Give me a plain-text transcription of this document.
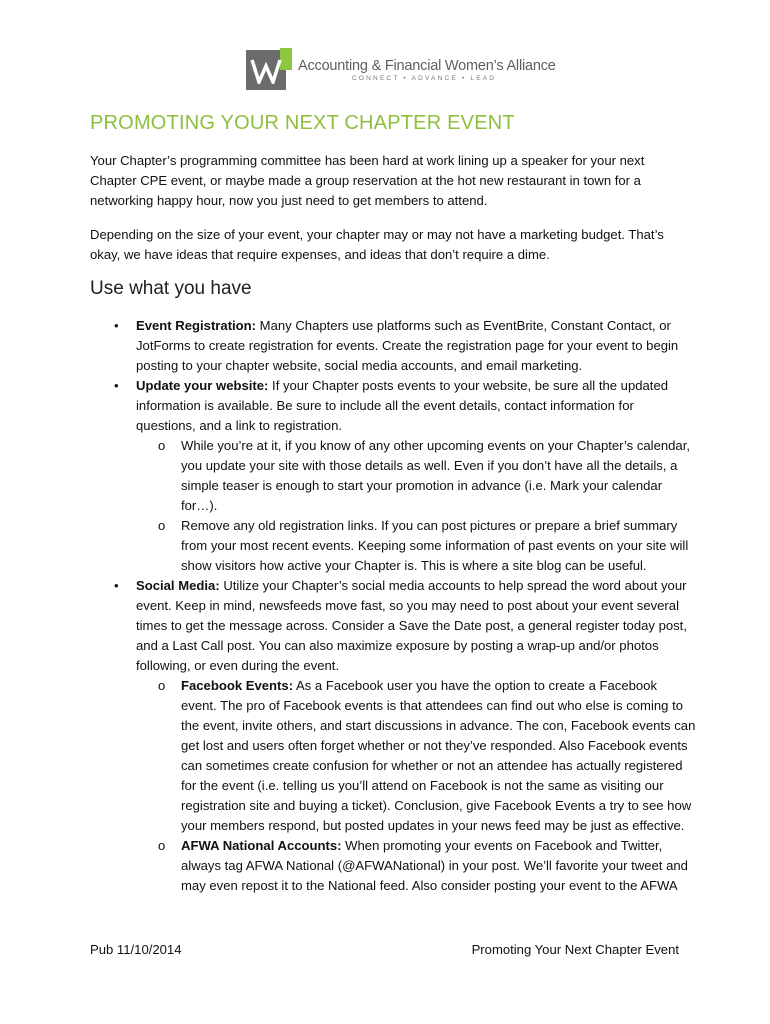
Accounting & Financial Women’s Alliance
CONNECT • ADVANCE • LEAD
PROMOTING YOUR NEXT CHAPTER EVENT

Your Chapter’s programming committee has been hard at work lining up a speaker for your next Chapter CPE event, or maybe made a group reservation at the hot new restaurant in town for a networking happy hour, now you just need to get members to attend.

Depending on the size of your event, your chapter may or may not have a marketing budget. That’s okay, we have ideas that require expenses, and ideas that don’t require a dime.

Use what you have
• Event Registration: Many Chapters use platforms such as EventBrite, Constant Contact, or JotForms to create registration for events. Create the registration page for your event to begin posting to your chapter website, social media accounts, and email marketing.
• Update your website: If your Chapter posts events to your website, be sure all the updated information is available. Be sure to include all the event details, contact information for questions, and a link to registration.
o While you’re at it, if you know of any other upcoming events on your Chapter’s calendar, you update your site with those details as well. Even if you don’t have all the details, a simple teaser is enough to start your promotion in advance (i.e. Mark your calendar for…).
o Remove any old registration links. If you can post pictures or prepare a brief summary from your most recent events. Keeping some information of past events on your site will show visitors how active your Chapter is. This is where a site blog can be useful.
• Social Media: Utilize your Chapter’s social media accounts to help spread the word about your event. Keep in mind, newsfeeds move fast, so you may need to post about your event several times to get the message across. Consider a Save the Date post, a general register today post, and a Last Call post. You can also maximize exposure by posting a wrap-up and/or photos following, or even during the event.
o Facebook Events: As a Facebook user you have the option to create a Facebook event. The pro of Facebook events is that attendees can find out who else is coming to the event, invite others, and start discussions in advance. The con, Facebook events can get lost and users often forget whether or not they’ve responded. Also Facebook events can sometimes create confusion for whether or not an attendee has actually registered for the event (i.e. telling us you’ll attend on Facebook is not the same as visiting our registration site and buying a ticket). Conclusion, give Facebook Events a try to see how your members respond, but posted updates in your news feed may be just as effective.
o AFWA National Accounts: When promoting your events on Facebook and Twitter, always tag AFWA National (@AFWANational) in your post. We’ll favorite your tweet and may even repost it to the National feed. Also consider posting your event to the AFWA
Pub 11/10/2014	Promoting Your Next Chapter Event
